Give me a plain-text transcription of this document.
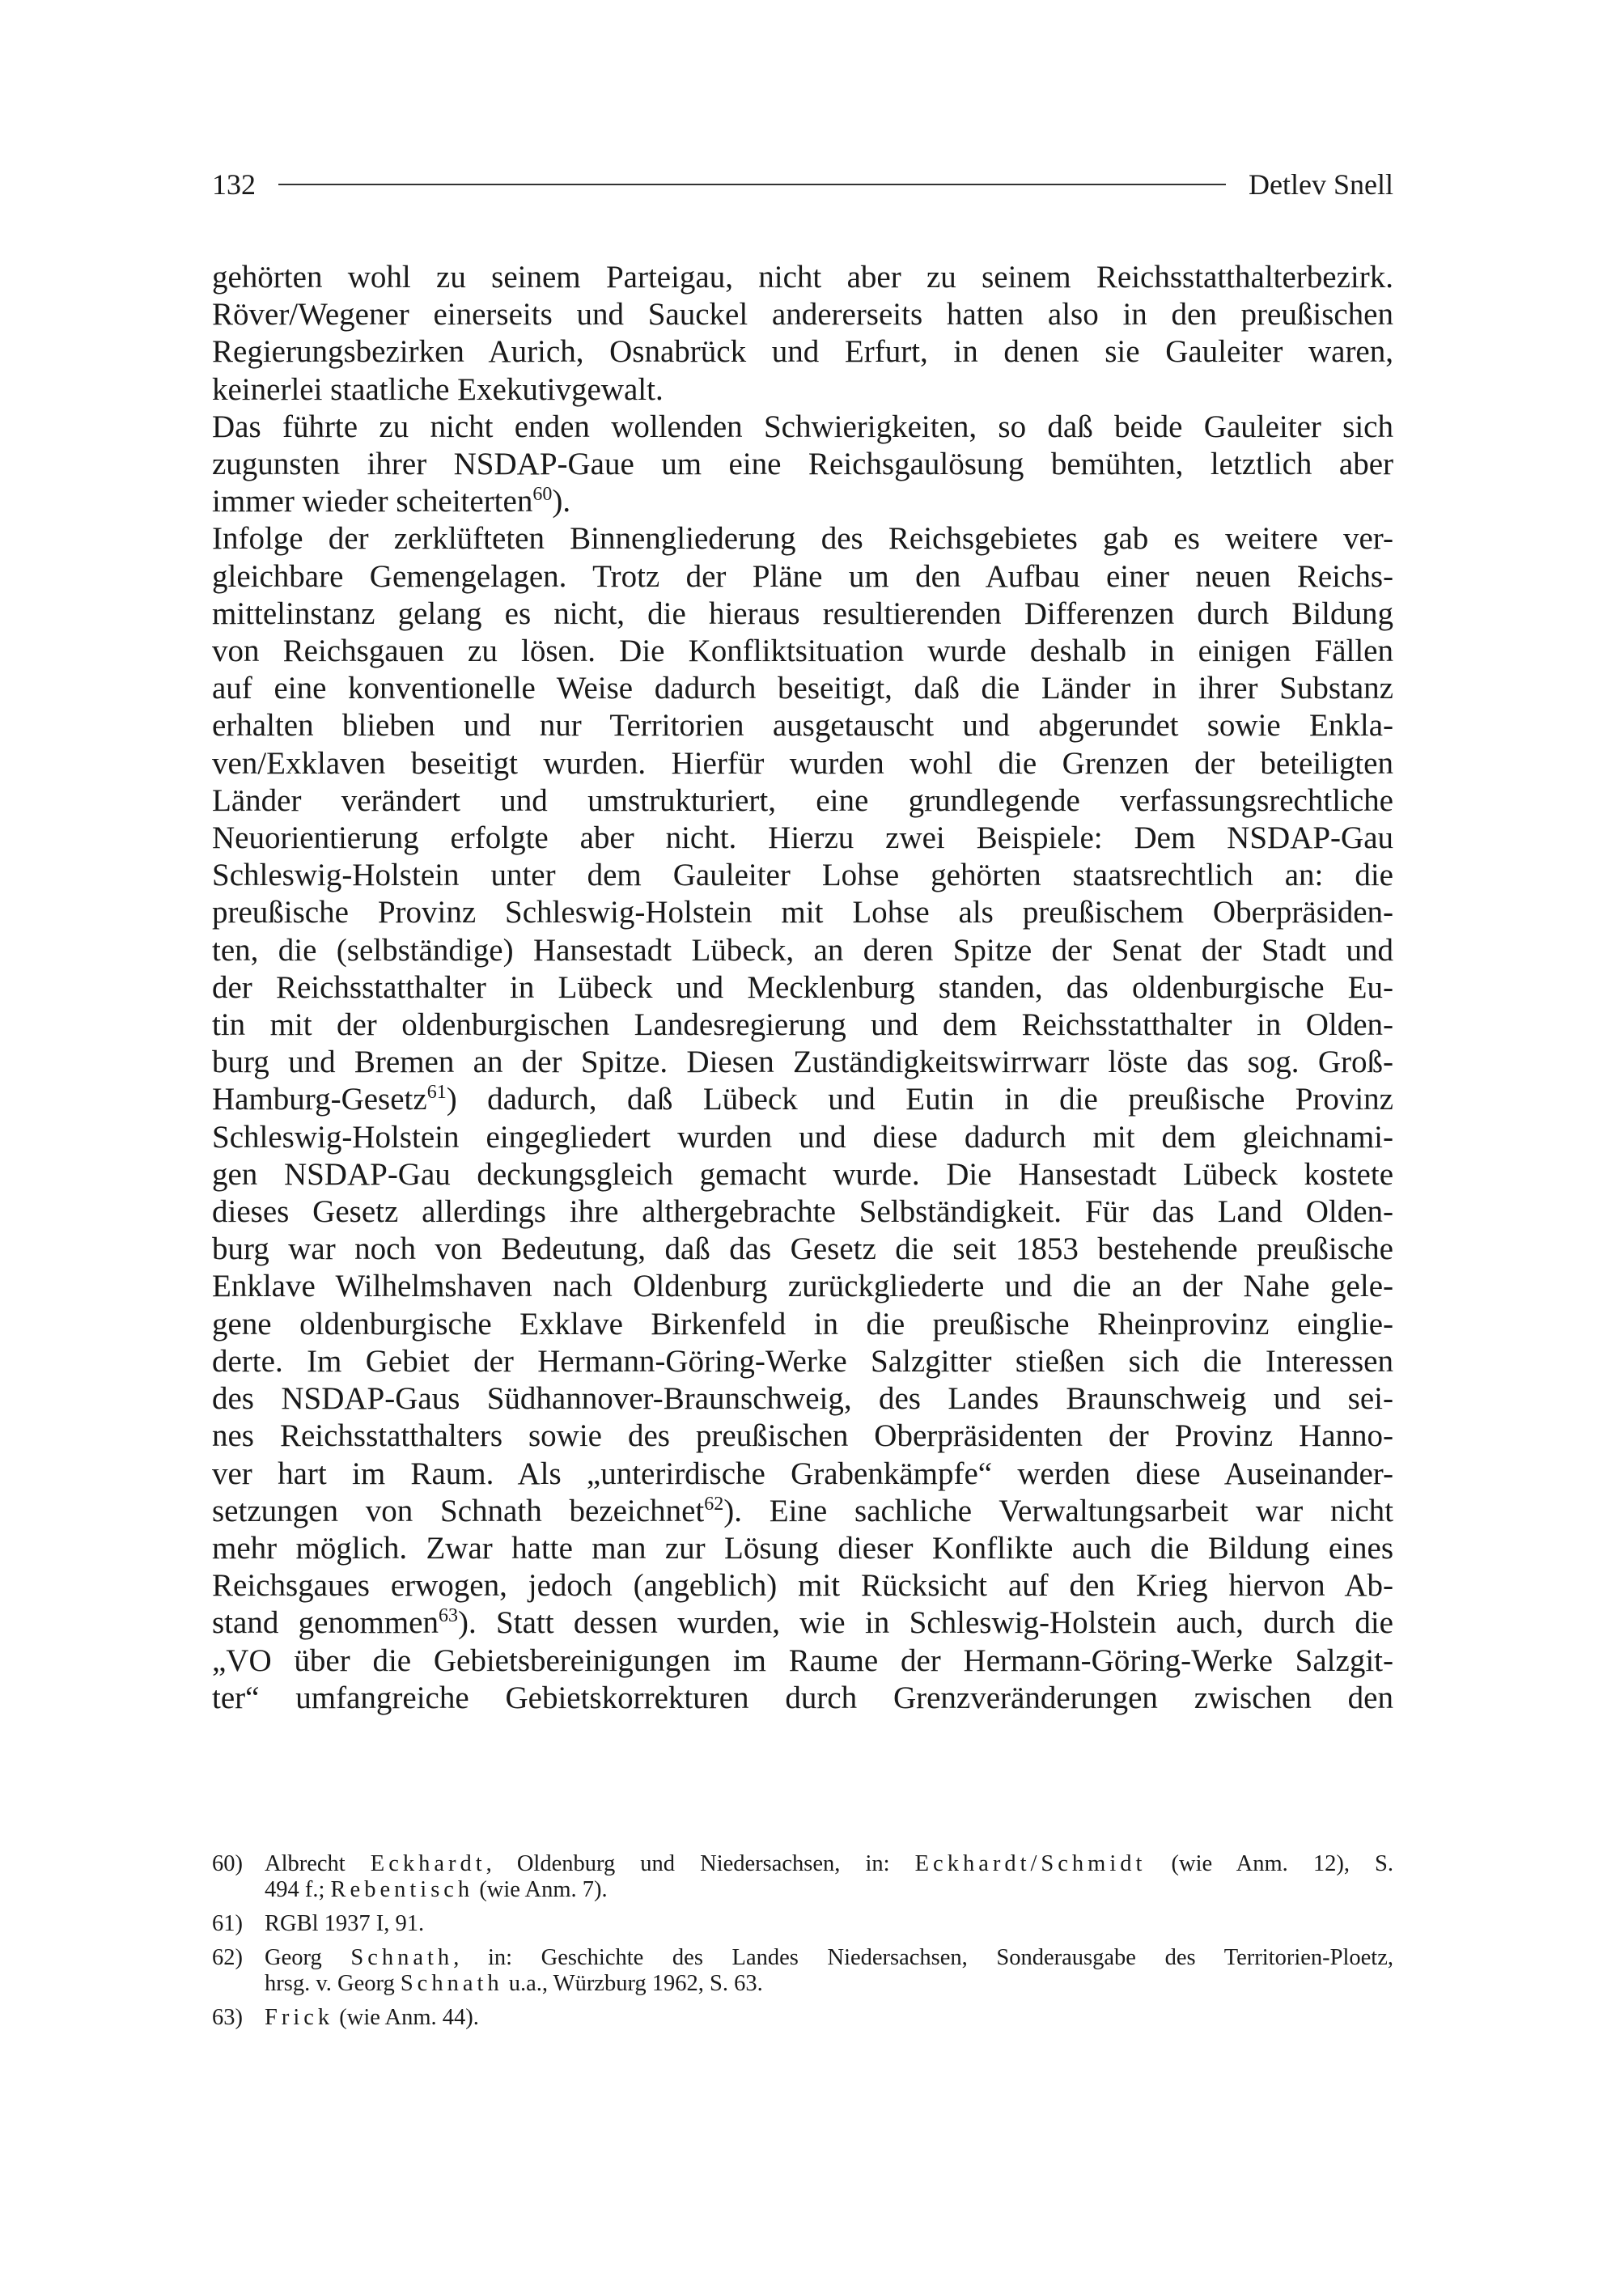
132	Detlev Snell

gehörten wohl zu seinem Parteigau, nicht aber zu seinem Reichsstatthalterbezirk.
Röver/Wegener einerseits und Sauckel andererseits hatten also in den preußischen
Regierungsbezirken Aurich, Osnabrück und Erfurt, in denen sie Gauleiter waren,
keinerlei staatliche Exekutivgewalt.

Das führte zu nicht enden wollenden Schwierigkeiten, so daß beide Gauleiter sich
zugunsten ihrer NSDAP-Gaue um eine Reichsgaulösung bemühten, letztlich aber
immer wieder scheiterten$^{60}$).

Infolge der zerklüfteten Binnengliederung des Reichsgebietes gab es weitere ver-
gleichbare Gemengelagen. Trotz der Pläne um den Aufbau einer neuen Reichs-
mittelinstanz gelang es nicht, die hieraus resultierenden Differenzen durch Bildung
von Reichsgauen zu lösen. Die Konfliktsituation wurde deshalb in einigen Fällen
auf eine konventionelle Weise dadurch beseitigt, daß die Länder in ihrer Substanz
erhalten blieben und nur Territorien ausgetauscht und abgerundet sowie Enkla-
ven/Exklaven beseitigt wurden. Hierfür wurden wohl die Grenzen der beteiligten
Länder verändert und umstrukturiert, eine grundlegende verfassungsrechtliche
Neuorientierung erfolgte aber nicht. Hierzu zwei Beispiele: Dem NSDAP-Gau
Schleswig-Holstein unter dem Gauleiter Lohse gehörten staatsrechtlich an: die
preußische Provinz Schleswig-Holstein mit Lohse als preußischem Oberpräsiden-
ten, die (selbständige) Hansestadt Lübeck, an deren Spitze der Senat der Stadt und
der Reichsstatthalter in Lübeck und Mecklenburg standen, das oldenburgische Eu-
tin mit der oldenburgischen Landesregierung und dem Reichsstatthalter in Olden-
burg und Bremen an der Spitze. Diesen Zuständigkeitswirrwarr löste das sog. Groß-
Hamburg-Gesetz$^{61}$) dadurch, daß Lübeck und Eutin in die preußische Provinz
Schleswig-Holstein eingegliedert wurden und diese dadurch mit dem gleichnami-
gen NSDAP-Gau deckungsgleich gemacht wurde. Die Hansestadt Lübeck kostete
dieses Gesetz allerdings ihre althergebrachte Selbständigkeit. Für das Land Olden-
burg war noch von Bedeutung, daß das Gesetz die seit 1853 bestehende preußische
Enklave Wilhelmshaven nach Oldenburg zurückgliederte und die an der Nahe gele-
gene oldenburgische Exklave Birkenfeld in die preußische Rheinprovinz einglie-
derte. Im Gebiet der Hermann-Göring-Werke Salzgitter stießen sich die Interessen
des NSDAP-Gaus Südhannover-Braunschweig, des Landes Braunschweig und sei-
nes Reichsstatthalters sowie des preußischen Oberpräsidenten der Provinz Hanno-
ver hart im Raum. Als „unterirdische Grabenkämpfe“ werden diese Auseinander-
setzungen von Schnath bezeichnet$^{62}$). Eine sachliche Verwaltungsarbeit war nicht
mehr möglich. Zwar hatte man zur Lösung dieser Konflikte auch die Bildung eines
Reichsgaues erwogen, jedoch (angeblich) mit Rücksicht auf den Krieg hiervon Ab-
stand genommen$^{63}$). Statt dessen wurden, wie in Schleswig-Holstein auch, durch die
„VO über die Gebietsbereinigungen im Raume der Hermann-Göring-Werke Salzgit-
ter“ umfangreiche Gebietskorrekturen durch Grenzveränderungen zwischen den

60) Albrecht Eckhardt, Oldenburg und Niedersachsen, in: Eckhardt/Schmidt (wie Anm. 12), S.
494 f.; Rebentisch (wie Anm. 7).
61) RGBl 1937 I, 91.
62) Georg Schnath, in: Geschichte des Landes Niedersachsen, Sonderausgabe des Territorien-Ploetz,
hrsg. v. Georg Schnath u.a., Würzburg 1962, S. 63.
63) Frick (wie Anm. 44).
